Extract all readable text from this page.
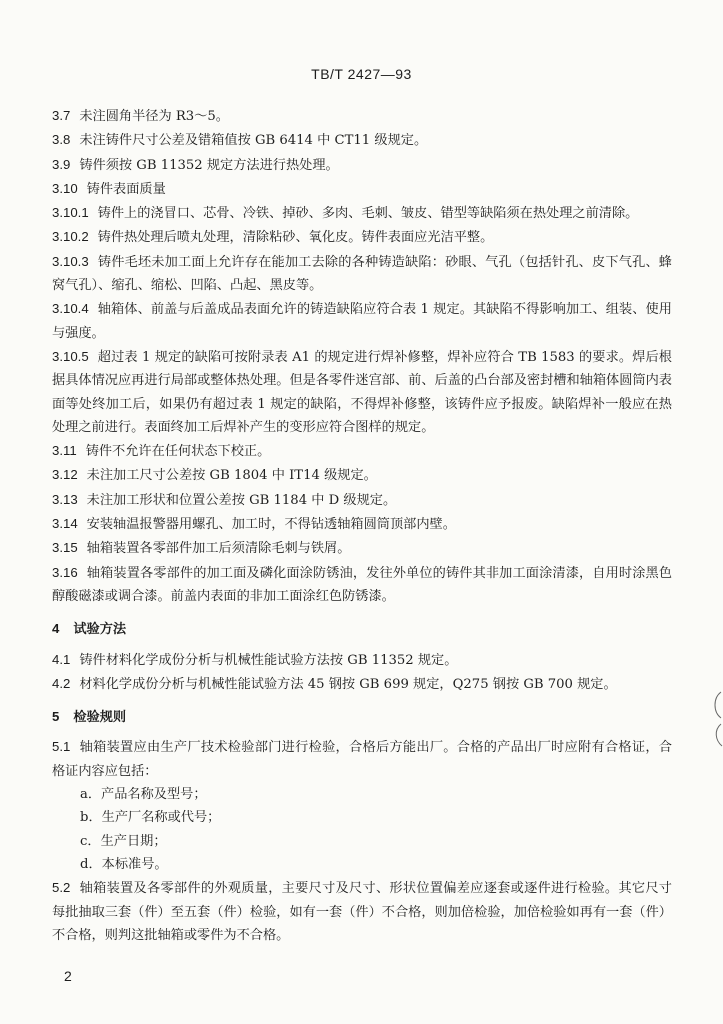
TB/T 2427—93

3.7 未注圆角半径为 R3～5。

3.8 未注铸件尺寸公差及错箱值按 GB 6414 中 CT11 级规定。

3.9 铸件须按 GB 11352 规定方法进行热处理。

3.10 铸件表面质量

3.10.1 铸件上的浇冒口、芯骨、冷铁、掉砂、多肉、毛刺、皱皮、错型等缺陷须在热处理之前清除。

3.10.2 铸件热处理后喷丸处理，清除粘砂、氧化皮。铸件表面应光洁平整。

3.10.3 铸件毛坯未加工面上允许存在能加工去除的各种铸造缺陷：砂眼、气孔（包括针孔、皮下气孔、蜂窝气孔）、缩孔、缩松、凹陷、凸起、黑皮等。

3.10.4 轴箱体、前盖与后盖成品表面允许的铸造缺陷应符合表 1 规定。其缺陷不得影响加工、组装、使用与强度。

3.10.5 超过表 1 规定的缺陷可按附录表 A1 的规定进行焊补修整，焊补应符合 TB 1583 的要求。焊后根据具体情况应再进行局部或整体热处理。但是各零件迷宫部、前、后盖的凸台部及密封槽和轴箱体圆筒内表面等处终加工后，如果仍有超过表 1 规定的缺陷，不得焊补修整，该铸件应予报废。缺陷焊补一般应在热处理之前进行。表面终加工后焊补产生的变形应符合图样的规定。

3.11 铸件不允许在任何状态下校正。

3.12 未注加工尺寸公差按 GB 1804 中 IT14 级规定。

3.13 未注加工形状和位置公差按 GB 1184 中 D 级规定。

3.14 安装轴温报警器用螺孔、加工时，不得钻透轴箱圆筒顶部内壁。

3.15 轴箱装置各零部件加工后须清除毛刺与铁屑。

3.16 轴箱装置各零部件的加工面及磷化面涂防锈油，发往外单位的铸件其非加工面涂清漆，自用时涂黑色醇酸磁漆或调合漆。前盖内表面的非加工面涂红色防锈漆。

4 试验方法

4.1 铸件材料化学成份分析与机械性能试验方法按 GB 11352 规定。

4.2 材料化学成份分析与机械性能试验方法 45 钢按 GB 699 规定，Q275 钢按 GB 700 规定。

5 检验规则

5.1 轴箱装置应由生产厂技术检验部门进行检验，合格后方能出厂。合格的产品出厂时应附有合格证，合格证内容应包括：

a．产品名称及型号；

b．生产厂名称或代号；

c．生产日期；

d．本标准号。

5.2 轴箱装置及各零部件的外观质量，主要尺寸及尺寸、形状位置偏差应逐套或逐件进行检验。其它尺寸每批抽取三套（件）至五套（件）检验，如有一套（件）不合格，则加倍检验，加倍检验如再有一套（件）不合格，则判这批轴箱或零件为不合格。

2
